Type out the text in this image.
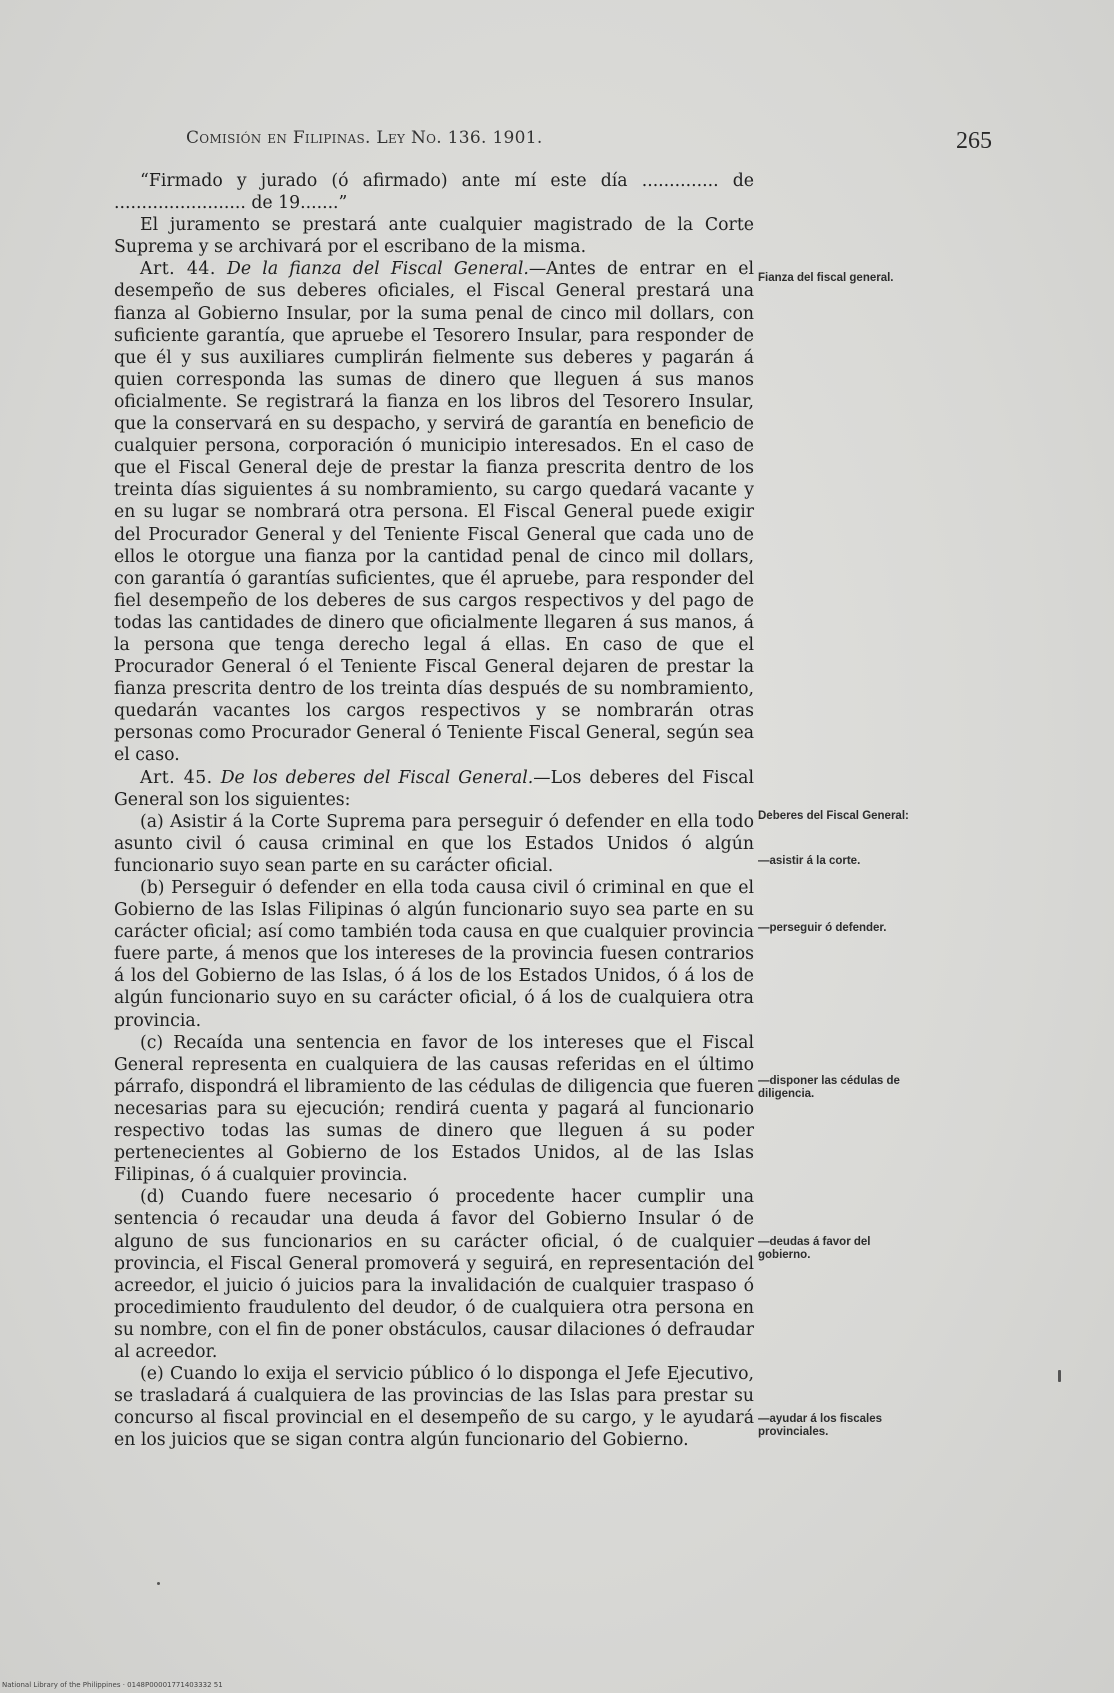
Comisión en Filipinas. Ley No. 136. 1901.	265

“Firmado y jurado (ó afirmado) ante mí este día .............. de ........................ de 19.......”

El juramento se prestará ante cualquier magistrado de la Corte Suprema y se archivará por el escribano de la misma.

Art. 44. De la fianza del Fiscal General.—Antes de entrar en el desempeño de sus deberes oficiales, el Fiscal General prestará una fianza al Gobierno Insular, por la suma penal de cinco mil dollars, con suficiente garantía, que apruebe el Tesorero Insular, para responder de que él y sus auxiliares cumplirán fielmente sus deberes y pagarán á quien corresponda las sumas de dinero que lleguen á sus manos oficialmente. Se registrará la fianza en los libros del Tesorero Insular, que la conservará en su despacho, y servirá de garantía en beneficio de cualquier persona, corporación ó municipio interesados. En el caso de que el Fiscal General deje de prestar la fianza prescrita dentro de los treinta días siguientes á su nombramiento, su cargo quedará vacante y en su lugar se nombrará otra persona. El Fiscal General puede exigir del Procurador General y del Teniente Fiscal General que cada uno de ellos le otorgue una fianza por la cantidad penal de cinco mil dollars, con garantía ó garantías suficientes, que él apruebe, para responder del fiel desempeño de los deberes de sus cargos respectivos y del pago de todas las cantidades de dinero que oficialmente llegaren á sus manos, á la persona que tenga derecho legal á ellas. En caso de que el Procurador General ó el Teniente Fiscal General dejaren de prestar la fianza prescrita dentro de los treinta días después de su nombramiento, quedarán vacantes los cargos respectivos y se nombrarán otras personas como Procurador General ó Teniente Fiscal General, según sea el caso.

Art. 45. De los deberes del Fiscal General.—Los deberes del Fiscal General son los siguientes:

(a) Asistir á la Corte Suprema para perseguir ó defender en ella todo asunto civil ó causa criminal en que los Estados Unidos ó algún funcionario suyo sean parte en su carácter oficial.

(b) Perseguir ó defender en ella toda causa civil ó criminal en que el Gobierno de las Islas Filipinas ó algún funcionario suyo sea parte en su carácter oficial; así como también toda causa en que cualquier provincia fuere parte, á menos que los intereses de la provincia fuesen contrarios á los del Gobierno de las Islas, ó á los de los Estados Unidos, ó á los de algún funcionario suyo en su carácter oficial, ó á los de cualquiera otra provincia.

(c) Recaída una sentencia en favor de los intereses que el Fiscal General representa en cualquiera de las causas referidas en el último párrafo, dispondrá el libramiento de las cédulas de diligencia que fueren necesarias para su ejecución; rendirá cuenta y pagará al funcionario respectivo todas las sumas de dinero que lleguen á su poder pertenecientes al Gobierno de los Estados Unidos, al de las Islas Filipinas, ó á cualquier provincia.

(d) Cuando fuere necesario ó procedente hacer cumplir una sentencia ó recaudar una deuda á favor del Gobierno Insular ó de alguno de sus funcionarios en su carácter oficial, ó de cualquier provincia, el Fiscal General promoverá y seguirá, en representación del acreedor, el juicio ó juicios para la invalidación de cualquier traspaso ó procedimiento fraudulento del deudor, ó de cualquiera otra persona en su nombre, con el fin de poner obstáculos, causar dilaciones ó defraudar al acreedor.

(e) Cuando lo exija el servicio público ó lo disponga el Jefe Ejecutivo, se trasladará á cualquiera de las provincias de las Islas para prestar su concurso al fiscal provincial en el desempeño de su cargo, y le ayudará en los juicios que se sigan contra algún funcionario del Gobierno.

Fianza del fiscal general.
Deberes del Fiscal General:
—asistir á la corte.
—perseguir ó defender.
—disponer las cédulas de diligencia.
—deudas á favor del gobierno.
—ayudar á los fiscales provinciales.
National Library of the Philippines · 0148P00001771403332 51
